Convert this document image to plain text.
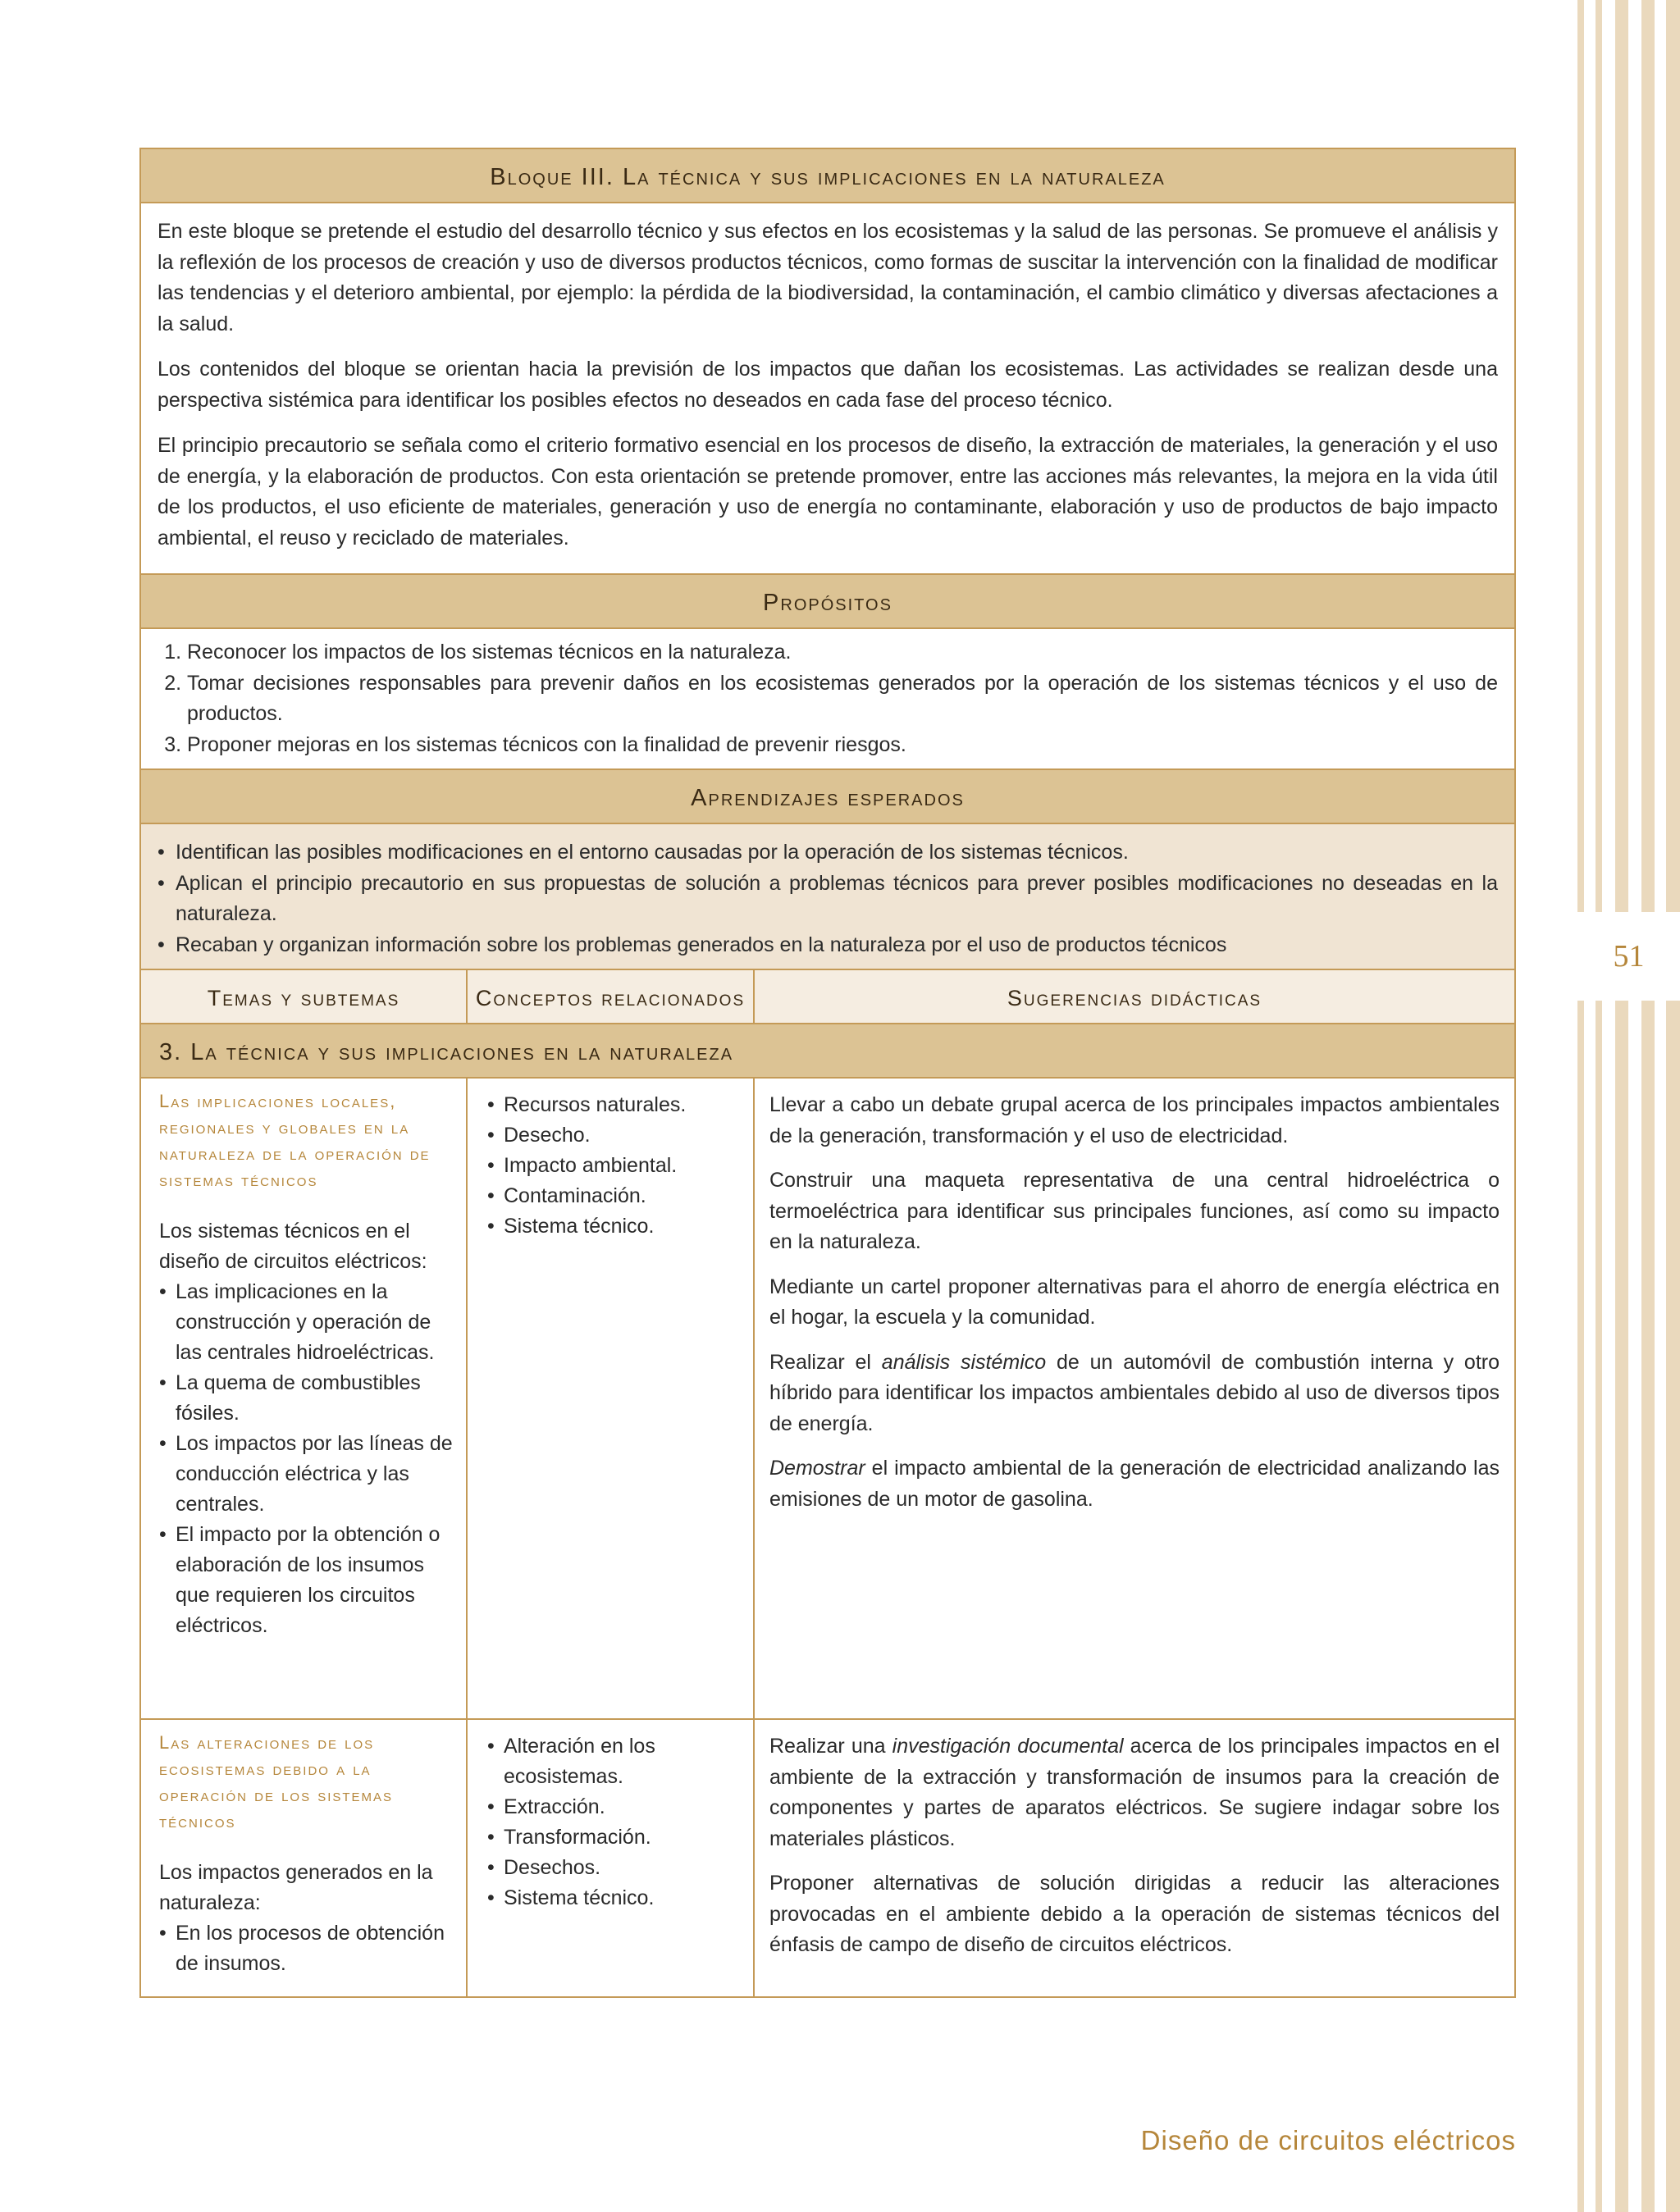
51
Bloque III. La técnica y sus implicaciones en la naturaleza

En este bloque se pretende el estudio del desarrollo técnico y sus efectos en los ecosistemas y la salud de las personas. Se promueve el análisis y la reflexión de los procesos de creación y uso de diversos productos técnicos, como formas de suscitar la intervención con la finalidad de modificar las tendencias y el deterioro ambiental, por ejemplo: la pérdida de la biodiversidad, la contaminación, el cambio climático y diversas afectaciones a la salud.

Los contenidos del bloque se orientan hacia la previsión de los impactos que dañan los ecosistemas. Las actividades se realizan desde una perspectiva sistémica para identificar los posibles efectos no deseados en cada fase del proceso técnico.

El principio precautorio se señala como el criterio formativo esencial en los procesos de diseño, la extracción de materiales, la generación y el uso de energía, y la elaboración de productos. Con esta orientación se pretende promover, entre las acciones más relevantes, la mejora en la vida útil de los productos, el uso eficiente de materiales, generación y uso de energía no contaminante, elaboración y uso de productos de bajo impacto ambiental, el reuso y reciclado de materiales.

Propósitos
1. Reconocer los impactos de los sistemas técnicos en la naturaleza.
2. Tomar decisiones responsables para prevenir daños en los ecosistemas generados por la operación de los sistemas técnicos y el uso de productos.
3. Proponer mejoras en los sistemas técnicos con la finalidad de prevenir riesgos.
Aprendizajes esperados
• Identifican las posibles modificaciones en el entorno causadas por la operación de los sistemas técnicos.
• Aplican el principio precautorio en sus propuestas de solución a problemas técnicos para prever posibles modificaciones no deseadas en la naturaleza.
• Recaban y organizan información sobre los problemas generados en la naturaleza por el uso de productos técnicos
Temas y subtemas	Conceptos relacionados	Sugerencias didácticas
3. La técnica y sus implicaciones en la naturaleza
Las implicaciones locales, regionales y globales en la naturaleza de la operación de sistemas técnicos
Los sistemas técnicos en el diseño de circuitos eléctricos:
• Las implicaciones en la construcción y operación de las centrales hidroeléctricas.
• La quema de combustibles fósiles.
• Los impactos por las líneas de conducción eléctrica y las centrales.
• El impacto por la obtención o elaboración de los insumos que requieren los circuitos eléctricos.
• Recursos naturales.
• Desecho.
• Impacto ambiental.
• Contaminación.
• Sistema técnico.

Llevar a cabo un debate grupal acerca de los principales impactos ambientales de la generación, transformación y el uso de electricidad.

Construir una maqueta representativa de una central hidroeléctrica o termoeléctrica para identificar sus principales funciones, así como su impacto en la naturaleza.

Mediante un cartel proponer alternativas para el ahorro de energía eléctrica en el hogar, la escuela y la comunidad.

Realizar el análisis sistémico de un automóvil de combustión interna y otro híbrido para identificar los impactos ambientales debido al uso de diversos tipos de energía.

Demostrar el impacto ambiental de la generación de electricidad analizando las emisiones de un motor de gasolina.

Las alteraciones de los ecosistemas debido a la operación de los sistemas técnicos
Los impactos generados en la naturaleza:
• En los procesos de obtención de insumos.
• Alteración en los ecosistemas.
• Extracción.
• Transformación.
• Desechos.
• Sistema técnico.

Realizar una investigación documental acerca de los principales impactos en el ambiente de la extracción y transformación de insumos para la creación de componentes y partes de aparatos eléctricos. Se sugiere indagar sobre los materiales plásticos.

Proponer alternativas de solución dirigidas a reducir las alteraciones provocadas en el ambiente debido a la operación de sistemas técnicos del énfasis de campo de diseño de circuitos eléctricos.

Diseño de circuitos eléctricos
